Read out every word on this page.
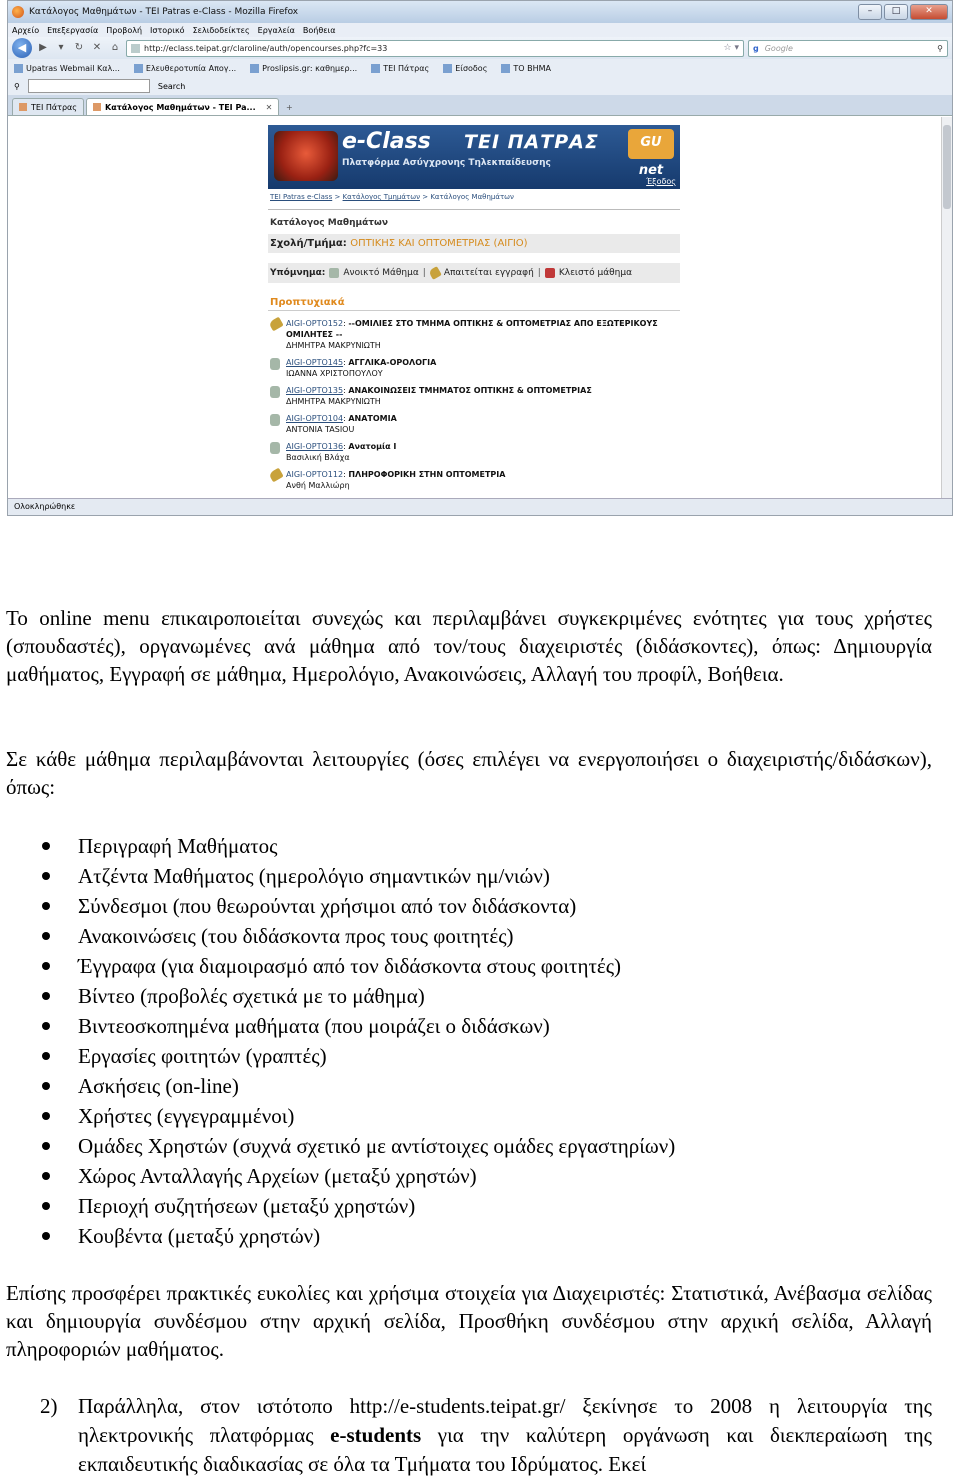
Κατάλογος Μαθημάτων - ΤΕΙ Patras e-Class - Mozilla Firefox	–	□	✕
Αρχείο Επεξεργασία Προβολή Ιστορικό Σελιδοδείκτες Εργαλεία Βοήθεια
◀	▶	▾	↻ ✕	⌂	http://eclass.teipat.gr/claroline/auth/opencourses.php?fc=33	☆ ▾ g Google	⚲
Upatras Webmail Καλ...	Ελευθεροτυπία Απογ...	Proslipsis.gr: καθημερ...	ΤΕΙ Πάτρας	Είσοδος	ΤΟ ΒΗΜΑ
⚲	Search
ΤΕΙ Πάτρας	Κατάλογος Μαθημάτων - ΤΕΙ Pa... ✕	+
e-Class ΤΕΙ ΠΑΤΡΑΣ	GU net
Πλατφόρμα Ασύγχρονης Τηλεκπαίδευσης
Έξοδος
ΤΕΙ Patras e-Class > Κατάλογος Τμημάτων > Κατάλογος Μαθημάτων
Κατάλογος Μαθημάτων
Σχολή/Τμήμα: ΟΠΤΙΚΗΣ ΚΑΙ ΟΠΤΟΜΕΤΡΙΑΣ (ΑΙΓΙΟ)
Υπόμνημα: Ανοικτό Μάθημα | Απαιτείται εγγραφή | Κλειστό μάθημα
Προπτυχιακά
AIGI-OPTO152: --ΟΜΙΛΙΕΣ ΣΤΟ ΤΜΗΜΑ ΟΠΤΙΚΗΣ & ΟΠΤΟΜΕΤΡΙΑΣ ΑΠΟ ΕΞΩΤΕΡΙΚΟΥΣ ΟΜΙΛΗΤΕΣ --
ΔΗΜΗΤΡΑ ΜΑΚΡΥΝΙΩΤΗ
AIGI-OPTO145: ΑΓΓΛΙΚΑ-ΟΡΟΛΟΓΙΑ
ΙΩΑΝΝΑ ΧΡΙΣΤΟΠΟΥΛΟΥ
AIGI-OPTO135: ΑΝΑΚΟΙΝΩΣΕΙΣ ΤΜΗΜΑΤΟΣ ΟΠΤΙΚΗΣ & ΟΠΤΟΜΕΤΡΙΑΣ
ΔΗΜΗΤΡΑ ΜΑΚΡΥΝΙΩΤΗ
AIGI-OPTO104: ΑΝΑΤΟΜΙΑ
ANTONIA TASIOU
AIGI-OPTO136: Ανατομία Ι
Βασιλική Βλάχα
AIGI-OPTO112: ΠΛΗΡΟΦΟΡΙΚΗ ΣΤΗΝ ΟΠΤΟΜΕΤΡΙΑ
Ανθή Μαλλιώρη
Ολοκληρώθηκε
Το online menu επικαιροποιείται συνεχώς και περιλαμβάνει συγκεκριμένες ενότητες για τους χρήστες (σπουδαστές), οργανωμένες ανά μάθημα από τον/τους διαχειριστές (διδάσκοντες), όπως: Δημιουργία μαθήματος, Εγγραφή σε μάθημα, Ημερολόγιο, Ανακοινώσεις, Αλλαγή του προφίλ, Βοήθεια.
Σε κάθε μάθημα περιλαμβάνονται λειτουργίες (όσες επιλέγει να ενεργοποιήσει ο διαχειριστής/διδάσκων), όπως:
Περιγραφή Μαθήματος
Ατζέντα Μαθήματος (ημερολόγιο σημαντικών ημ/νιών)
Σύνδεσμοι (που θεωρούνται χρήσιμοι από τον διδάσκοντα)
Ανακοινώσεις (του διδάσκοντα προς τους φοιτητές)
Έγγραφα (για διαμοιρασμό από τον διδάσκοντα στους φοιτητές)
Βίντεο (προβολές σχετικά με το μάθημα)
Βιντεοσκοπημένα μαθήματα (που μοιράζει ο διδάσκων)
Εργασίες φοιτητών (γραπτές)
Ασκήσεις (on-line)
Χρήστες (εγγεγραμμένοι)
Ομάδες Χρηστών (συχνά σχετικό με αντίστοιχες ομάδες εργαστηρίων)
Χώρος Ανταλλαγής Αρχείων (μεταξύ χρηστών)
Περιοχή συζητήσεων (μεταξύ χρηστών)
Κουβέντα (μεταξύ χρηστών)
Επίσης προσφέρει πρακτικές ευκολίες και χρήσιμα στοιχεία για Διαχειριστές: Στατιστικά, Ανέβασμα σελίδας και δημιουργία συνδέσμου στην αρχική σελίδα, Προσθήκη συνδέσμου στην αρχική σελίδα, Αλλαγή πληροφοριών μαθήματος.
2) Παράλληλα, στον ιστότοπο http://e-students.teipat.gr/ ξεκίνησε το 2008 η λειτουργία της ηλεκτρονικής πλατφόρμας e-students για την καλύτερη οργάνωση και διεκπεραίωση της εκπαιδευτικής διαδικασίας σε όλα τα Τμήματα του Ιδρύματος. Εκεί
